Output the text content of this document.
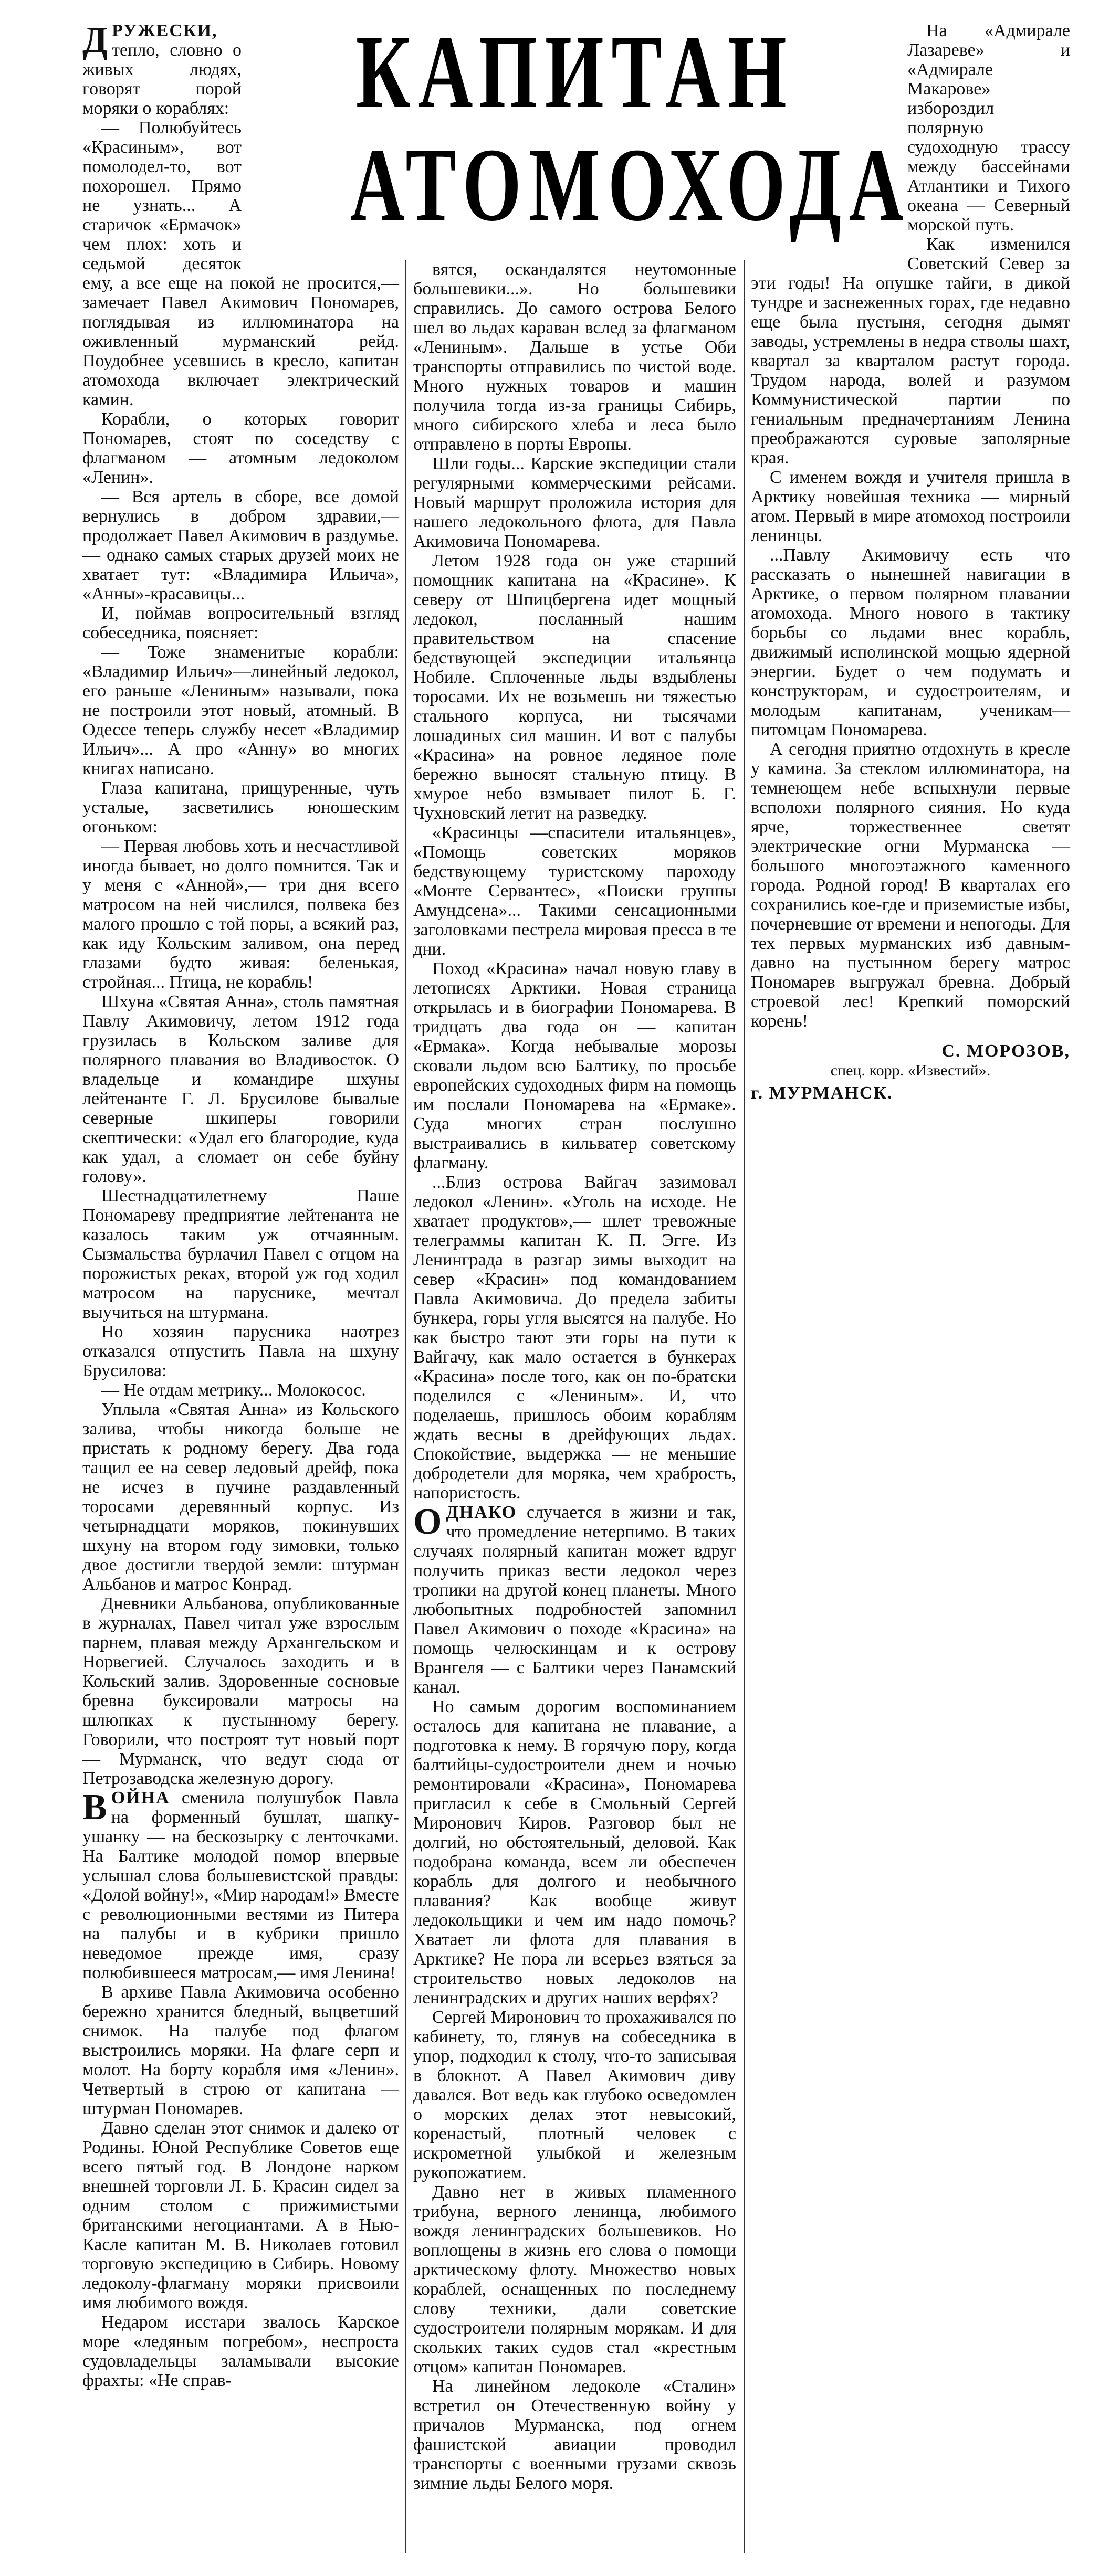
КАПИТАН
АТОМОХОДА

ДРУЖЕСКИ, тепло, словно о живых людях, говорят порой моряки о кораблях:

— Полюбуйтесь «Красиным», вот помолодел-то, вот похорошел. Прямо не узнать... А старичок «Ермачок» чем плох: хоть и седьмой десяток ему, а все еще на покой не просится,— замечает Павел Акимович Пономарев, поглядывая из иллюминатора на оживленный мурманский рейд. Поудобнее усевшись в кресло, капитан атомохода включает электрический камин.

Корабли, о которых говорит Пономарев, стоят по соседству с флагманом — атомным ледоколом «Ленин».

— Вся артель в сборе, все домой вернулись в добром здравии,— продолжает Павел Акимович в раздумье.— однако самых старых друзей моих не хватает тут: «Владимира Ильича», «Анны»-красавицы...

И, поймав вопросительный взгляд собеседника, поясняет:

— Тоже знаменитые корабли: «Владимир Ильич»—линейный ледокол, его раньше «Лениным» называли, пока не построили этот новый, атомный. В Одессе теперь службу несет «Владимир Ильич»... А про «Анну» во многих книгах написано.

Глаза капитана, прищуренные, чуть усталые, засветились юношеским огоньком:

— Первая любовь хоть и несчастливой иногда бывает, но долго помнится. Так и у меня с «Анной»,— три дня всего матросом на ней числился, полвека без малого прошло с той поры, а всякий раз, как иду Кольским заливом, она перед глазами будто живая: беленькая, стройная... Птица, не корабль!

Шхуна «Святая Анна», столь памятная Павлу Акимовичу, летом 1912 года грузилась в Кольском заливе для полярного плавания во Владивосток. О владельце и командире шхуны лейтенанте Г. Л. Брусилове бывалые северные шкиперы говорили скептически: «Удал его благородие, куда как удал, а сломает он себе буйну голову».

Шестнадцатилетнему Паше Пономареву предприятие лейтенанта не казалось таким уж отчаянным. Сызмальства бурлачил Павел с отцом на порожистых реках, второй уж год ходил матросом на паруснике, мечтал выучиться на штурмана.

Но хозяин парусника наотрез отказался отпустить Павла на шхуну Брусилова:

— Не отдам метрику... Молокосос.

Уплыла «Святая Анна» из Кольского залива, чтобы никогда больше не пристать к родному берегу. Два года тащил ее на север ледовый дрейф, пока не исчез в пучине раздавленный торосами деревянный корпус. Из четырнадцати моряков, покинувших шхуну на втором году зимовки, только двое достигли твердой земли: штурман Альбанов и матрос Конрад.

Дневники Альбанова, опубликованные в журналах, Павел читал уже взрослым парнем, плавая между Архангельском и Норвегией. Случалось заходить и в Кольский залив. Здоровенные сосновые бревна буксировали матросы на шлюпках к пустынному берегу. Говорили, что построят тут новый порт — Мурманск, что ведут сюда от Петрозаводска железную дорогу.

ВОЙНА сменила полушубок Павла на форменный бушлат, шапку-ушанку — на бескозырку с ленточками. На Балтике молодой помор впервые услышал слова большевистской правды: «Долой войну!», «Мир народам!» Вместе с революционными вестями из Питера на палубы и в кубрики пришло неведомое прежде имя, сразу полюбившееся матросам,— имя Ленина!

В архиве Павла Акимовича особенно бережно хранится бледный, выцветший снимок. На палубе под флагом выстроились моряки. На флаге серп и молот. На борту корабля имя «Ленин». Четвертый в строю от капитана — штурман Пономарев.

Давно сделан этот снимок и далеко от Родины. Юной Республике Советов еще всего пятый год. В Лондоне нарком внешней торговли Л. Б. Красин сидел за одним столом с прижимистыми британскими негоциантами. А в Нью-Касле капитан М. В. Николаев готовил торговую экспедицию в Сибирь. Новому ледоколу-флагману моряки присвоили имя любимого вождя.

Недаром исстари звалось Карское море «ледяным погребом», неспроста судовладельцы заламывали высокие фрахты: «Не справ-

вятся, оскандалятся неутомонные большевики...». Но большевики справились. До самого острова Белого шел во льдах караван вслед за флагманом «Лениным». Дальше в устье Оби транспорты отправились по чистой воде. Много нужных товаров и машин получила тогда из-за границы Сибирь, много сибирского хлеба и леса было отправлено в порты Европы.

Шли годы... Карские экспедиции стали регулярными коммерческими рейсами. Новый маршрут проложила история для нашего ледокольного флота, для Павла Акимовича Пономарева.

Летом 1928 года он уже старший помощник капитана на «Красине». К северу от Шпицбергена идет мощный ледокол, посланный нашим правительством на спасение бедствующей экспедиции итальянца Нобиле. Сплоченные льды вздыблены торосами. Их не возьмешь ни тяжестью стального корпуса, ни тысячами лошадиных сил машин. И вот с палубы «Красина» на ровное ледяное поле бережно выносят стальную птицу. В хмурое небо взмывает пилот Б. Г. Чухновский летит на разведку.

«Красинцы —спасители итальянцев», «Помощь советских моряков бедствующему туристскому пароходу «Монте Сервантес», «Поиски группы Амундсена»... Такими сенсационными заголовками пестрела мировая пресса в те дни.

Поход «Красина» начал новую главу в летописях Арктики. Новая страница открылась и в биографии Пономарева. В тридцать два года он — капитан «Ермака». Когда небывалые морозы сковали льдом всю Балтику, по просьбе европейских судоходных фирм на помощь им послали Пономарева на «Ермаке». Суда многих стран послушно выстраивались в кильватер советскому флагману.

...Близ острова Вайгач зазимовал ледокол «Ленин». «Уголь на исходе. Не хватает продуктов»,— шлет тревожные телеграммы капитан К. П. Эгге. Из Ленинграда в разгар зимы выходит на север «Красин» под командованием Павла Акимовича. До предела забиты бункера, горы угля высятся на палубе. Но как быстро тают эти горы на пути к Вайгачу, как мало остается в бункерах «Красина» после того, как он по-братски поделился с «Лениным». И, что поделаешь, пришлось обоим кораблям ждать весны в дрейфующих льдах. Спокойствие, выдержка — не меньшие добродетели для моряка, чем храбрость, напористость.

ОДНАКО случается в жизни и так, что промедление нетерпимо. В таких случаях полярный капитан может вдруг получить приказ вести ледокол через тропики на другой конец планеты. Много любопытных подробностей запомнил Павел Акимович о походе «Красина» на помощь челюскинцам и к острову Врангеля — с Балтики через Панамский канал.

Но самым дорогим воспоминанием осталось для капитана не плавание, а подготовка к нему. В горячую пору, когда балтийцы-судостроители днем и ночью ремонтировали «Красина», Пономарева пригласил к себе в Смольный Сергей Миронович Киров. Разговор был не долгий, но обстоятельный, деловой. Как подобрана команда, всем ли обеспечен корабль для долгого и необычного плавания? Как вообще живут ледокольщики и чем им надо помочь? Хватает ли флота для плавания в Арктике? Не пора ли всерьез взяться за строительство новых ледоколов на ленинградских и других наших верфях?

Сергей Миронович то прохаживался по кабинету, то, глянув на собеседника в упор, подходил к столу, что-то записывая в блокнот. А Павел Акимович диву давался. Вот ведь как глубоко осведомлен о морских делах этот невысокий, коренастый, плотный человек с искрометной улыбкой и железным рукопожатием.

Давно нет в живых пламенного трибуна, верного ленинца, любимого вождя ленинградских большевиков. Но воплощены в жизнь его слова о помощи арктическому флоту. Множество новых кораблей, оснащенных по последнему слову техники, дали советские судостроители полярным морякам. И для скольких таких судов стал «крестным отцом» капитан Пономарев.

На линейном ледоколе «Сталин» встретил он Отечественную войну у причалов Мурманска, под огнем фашистской авиации проводил транспорты с военными грузами сквозь зимние льды Белого моря.

На «Адмирале Лазареве» и «Адмирале Макарове» избороздил полярную судоходную трассу между бассейнами Атлантики и Тихого океана — Северный морской путь.

Как изменился Советский Север за эти годы! На опушке тайги, в дикой тундре и заснеженных горах, где недавно еще была пустыня, сегодня дымят заводы, устремлены в недра стволы шахт, квартал за кварталом растут города. Трудом народа, волей и разумом Коммунистической партии по гениальным предначертаниям Ленина преображаются суровые заполярные края.

С именем вождя и учителя пришла в Арктику новейшая техника — мирный атом. Первый в мире атомоход построили ленинцы.

...Павлу Акимовичу есть что рассказать о нынешней навигации в Арктике, о первом полярном плавании атомохода. Много нового в тактику борьбы со льдами внес корабль, движимый исполинской мощью ядерной энергии. Будет о чем подумать и конструкторам, и судостроителям, и молодым капитанам, ученикам—питомцам Пономарева.

А сегодня приятно отдохнуть в кресле у камина. За стеклом иллюминатора, на темнеющем небе вспыхнули первые всполохи полярного сияния. Но куда ярче, торжественнее светят электрические огни Мурманска — большого многоэтажного каменного города. Родной город! В кварталах его сохранились кое-где и приземистые избы, почерневшие от времени и непогоды. Для тех первых мурманских изб давным-давно на пустынном берегу матрос Пономарев выгружал бревна. Добрый строевой лес! Крепкий поморский корень!

С. МОРОЗОВ,

спец. корр. «Известий».

г. МУРМАНСК.
